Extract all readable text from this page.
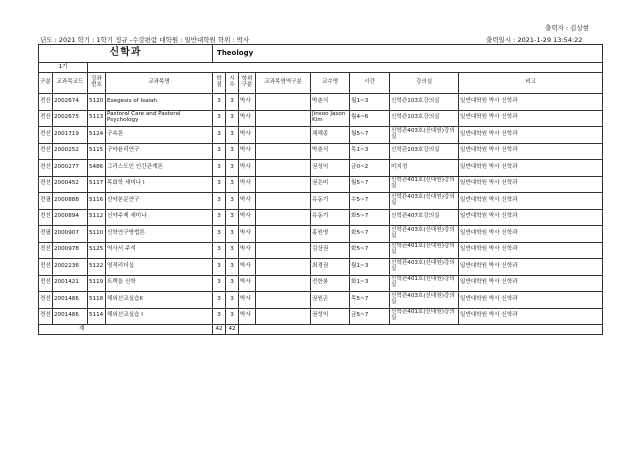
출력자 : 김상현
년도 : 2021 학기 : 1학기 정규 -수강편람 대학원 : 일반대학원 학위 : 박사	출력일시 : 2021-1-29 13:54:22
신학과				Theology							
1기											
구분	교과목코드	강좌번호	교과목명	학점	시수	학위구분	교과목영역구분	교수명	시간	강의실	비고
전선	2002674	5120	Exegesis of Isaiah	3	3	박사		박춘식	월1~3	신학관103호강의실	일반대학원 박사 신학과
전선	2002675	5113	Pastoral Care and Pastoral Psychology	3	3	박사		Jinsoo Jason Kim	월4~6	신학관103호강의실	일반대학원 박사 신학과
전선	2001719	5124	구속론	3	3	박사		채해종	월5~7	신학관403호(신대원)강의실	일반대학원 박사 신학과
전선	2000252	5115	구약윤리연구	3	3	박사		박춘식	목1~3	신학관103호강의실	일반대학원 박사 신학과
전선	2000277	5486	그리스도인 인간관계론	3	3	박사		권성익	금0~2	미지정	일반대학원 박사 신학과
전선	2000452	5117	목회학 세미나 I	3	3	박사		권은비	월5~7	신학관401호(신대원)강의실	일반대학원 박사 신학과
전필	2000888	5116	신약본문연구	3	3	박사		유동기	수5~7	신학관403호(신대원)강의실	일반대학원 박사 신학과
전선	2000894	5112	신약주제 세미나	3	3	박사		유동기	화5~7	신학관407호강의실	일반대학원 박사 신학과
전필	2000907	5110	신학연구방법론	3	3	박사		홍원영	화5~7	신학관403호(신대원)강의실	일반대학원 박사 신학과
전선	2000978	5125	역사서 주석	3	3	박사		김상권	화5~7	신학관401호(신대원)강의실	일반대학원 박사 신학과
전선	2002236	5122	영적리더십	3	3	박사		최경권	월1~3	신학관403호(신대원)강의실	일반대학원 박사 신학과
전선	2001421	5119	트랙을 신학	3	3	박사		전한봉	화1~3	신학관401호(신대원)강의실	일반대학원 박사 신학과
전선	2001486	5118	해외선교실습II	3	3	박사		권원곤	목5~7	신학관403호(신대원)강의실	일반대학원 박사 신학과
전선	2001486	5114	해외선교실습 I	3	3	박사		권성익	금5~7	신학관401호(신대원)강의실	일반대학원 박사 신학과
계				42	42						
